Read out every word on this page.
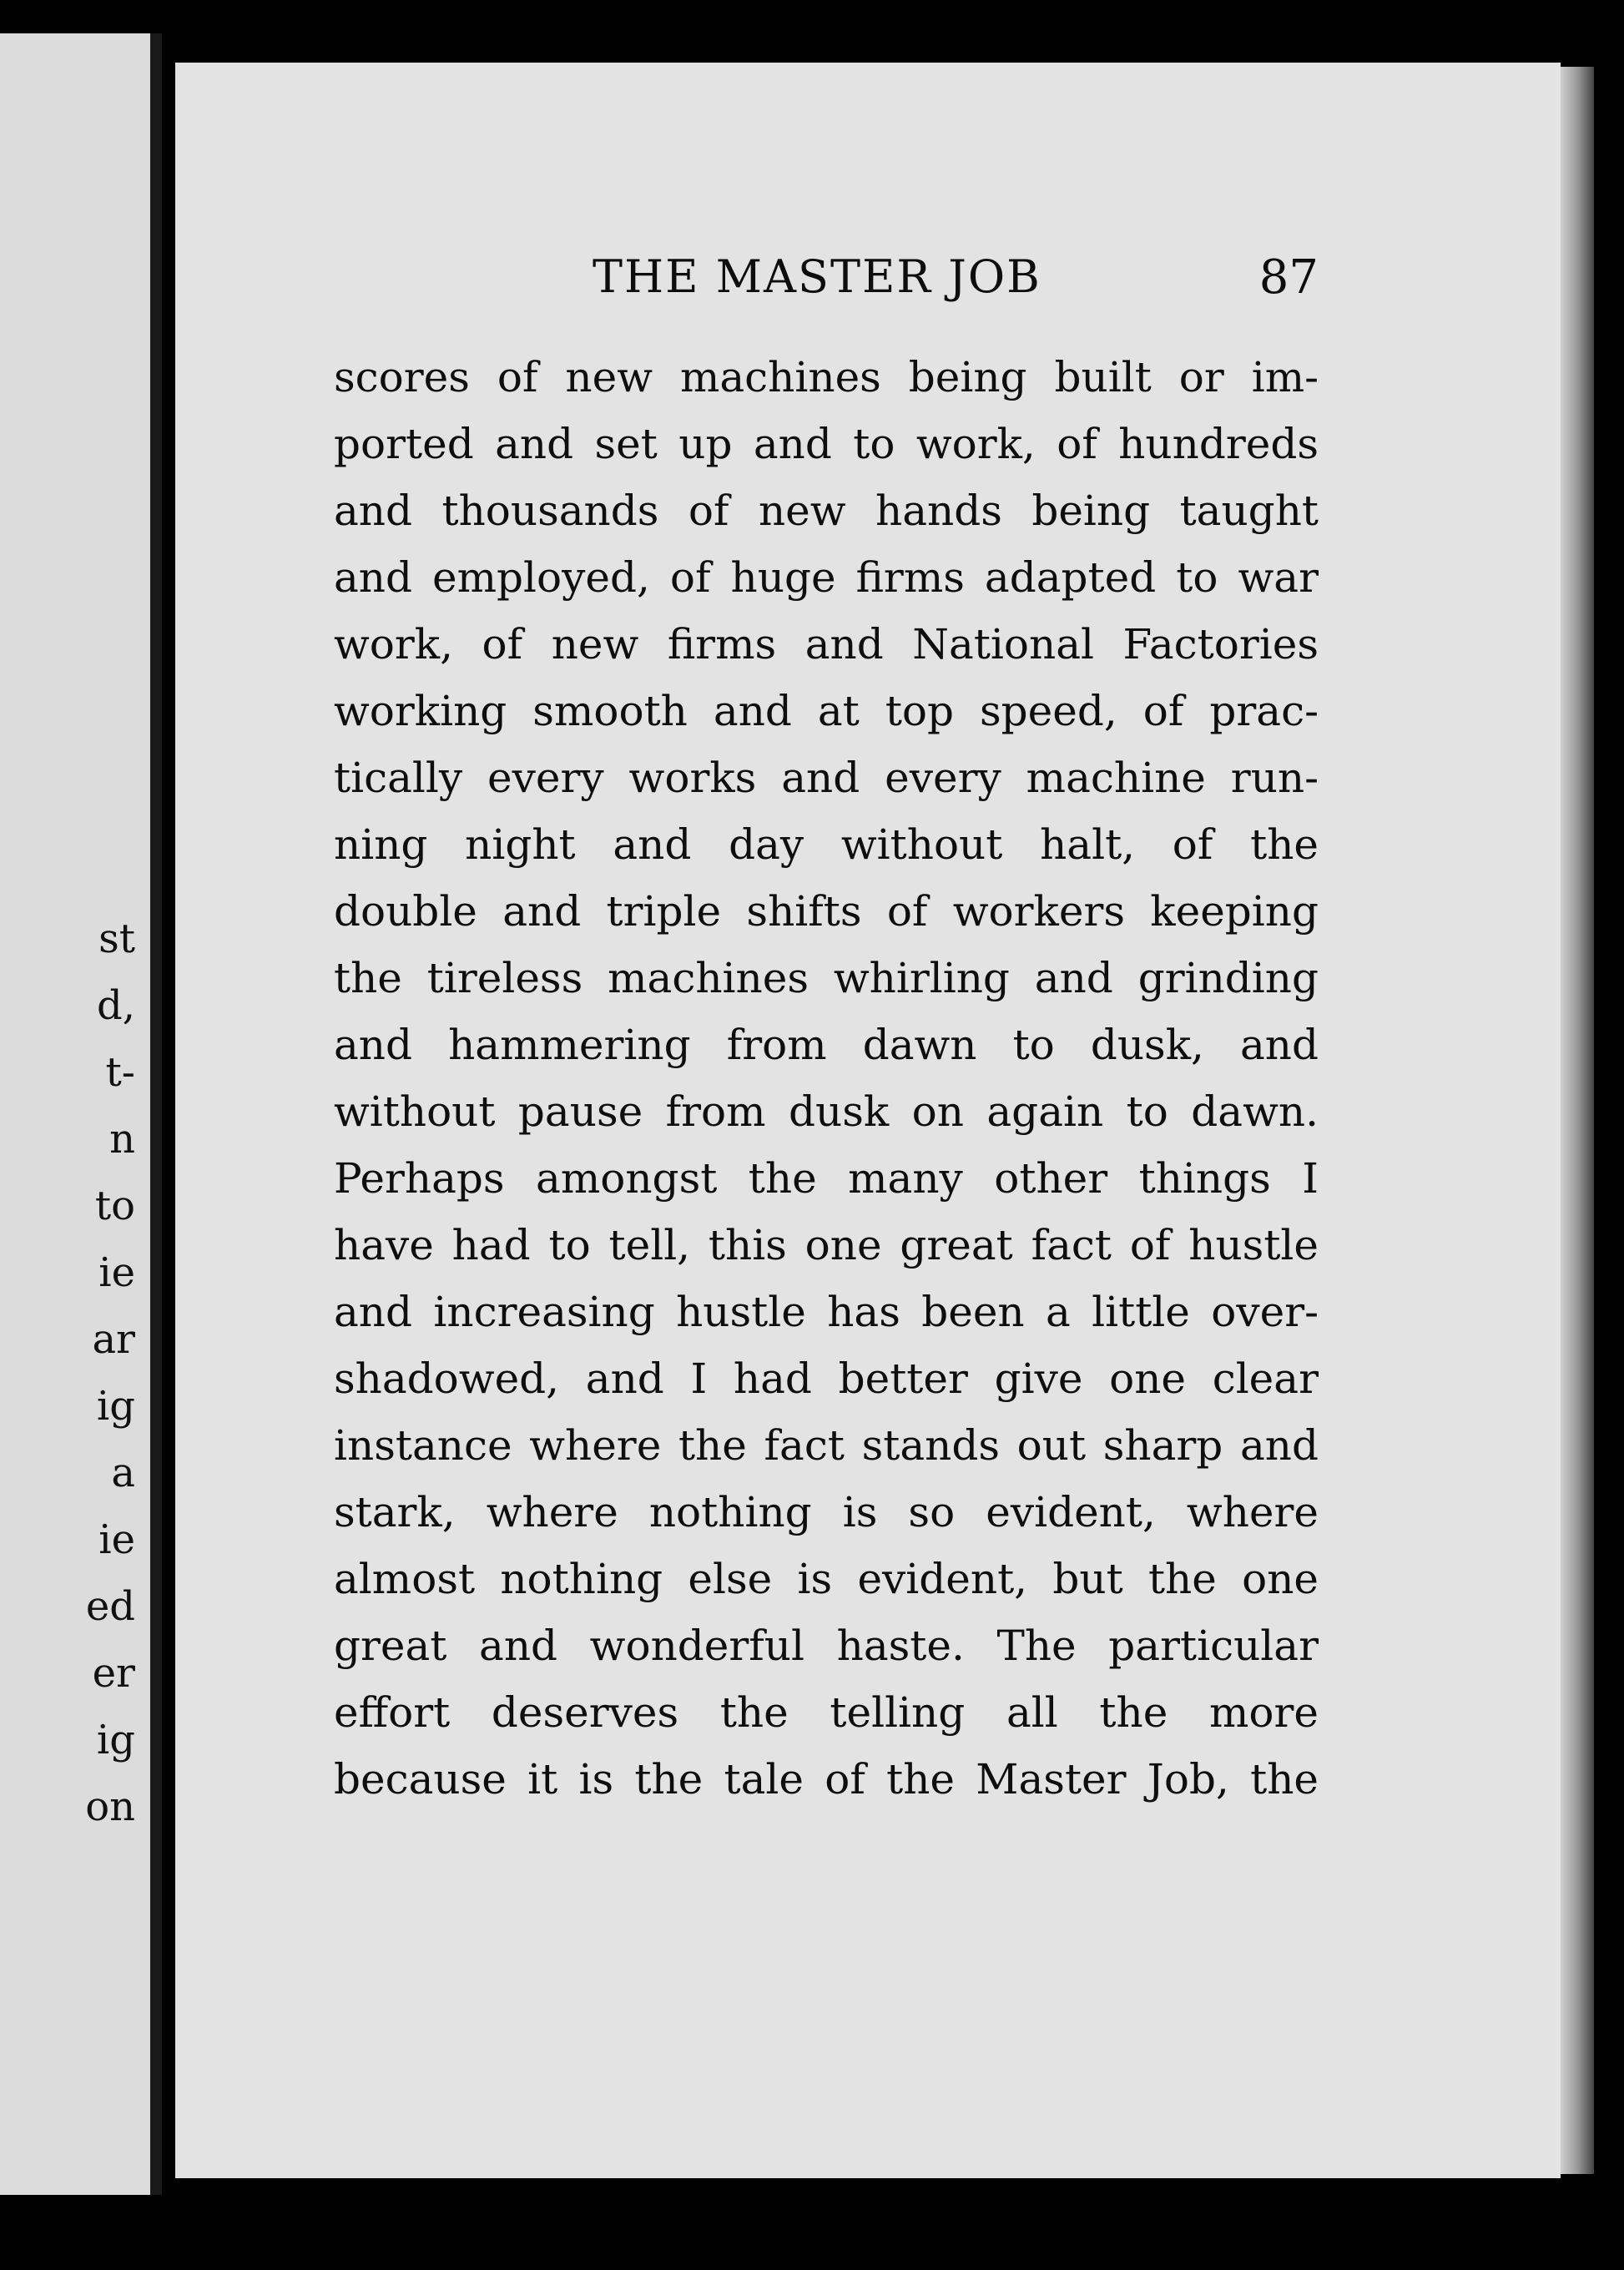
st
d,
t-
n
to
ie
ar
ig
a
ie
ed
er
ig
on
THE MASTER JOB	87
scores of new machines being built or im-
ported and set up and to work, of hundreds
and thousands of new hands being taught
and employed, of huge firms adapted to war
work, of new firms and National Factories
working smooth and at top speed, of prac-
tically every works and every machine run-
ning night and day without halt, of the
double and triple shifts of workers keeping
the tireless machines whirling and grinding
and hammering from dawn to dusk, and
without pause from dusk on again to dawn.
Perhaps amongst the many other things I
have had to tell, this one great fact of hustle
and increasing hustle has been a little over-
shadowed, and I had better give one clear
instance where the fact stands out sharp and
stark, where nothing is so evident, where
almost nothing else is evident, but the one
great and wonderful haste. The particular
effort deserves the telling all the more
because it is the tale of the Master Job, the
